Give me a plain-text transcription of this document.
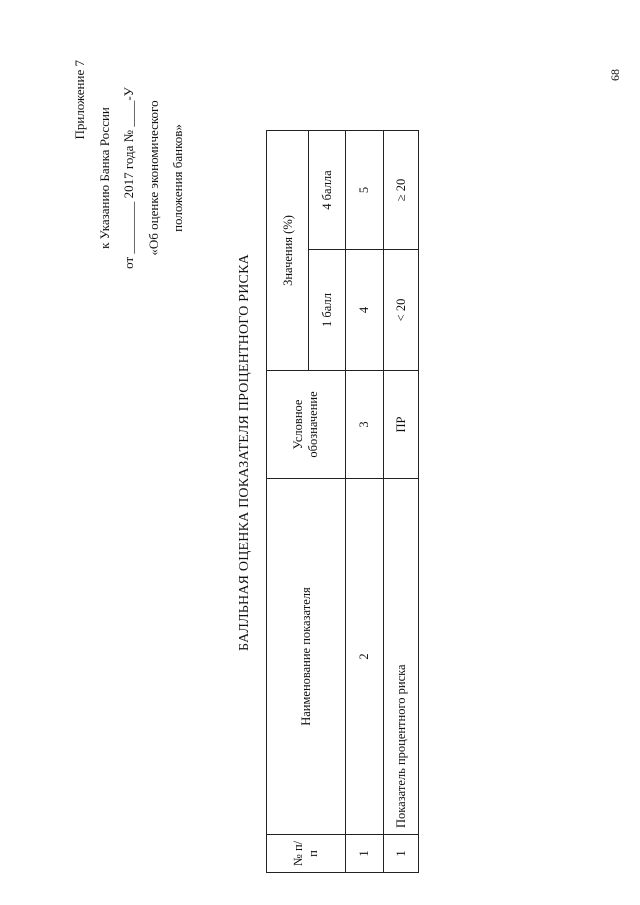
68
Приложение 7
к Указанию Банка России от ________ 2017 года № ____-У «Об оценке экономического положения банков»
БАЛЛЬНАЯ ОЦЕНКА ПОКАЗАТЕЛЯ ПРОЦЕНТНОГО РИСКА
№ п/п	Наименование показателя	Условное обозначение	Значения (%)	
			1 балл	4 балла
1	2	3	4	5
1	Показатель процентного риска	ПР	< 20	≥ 20
